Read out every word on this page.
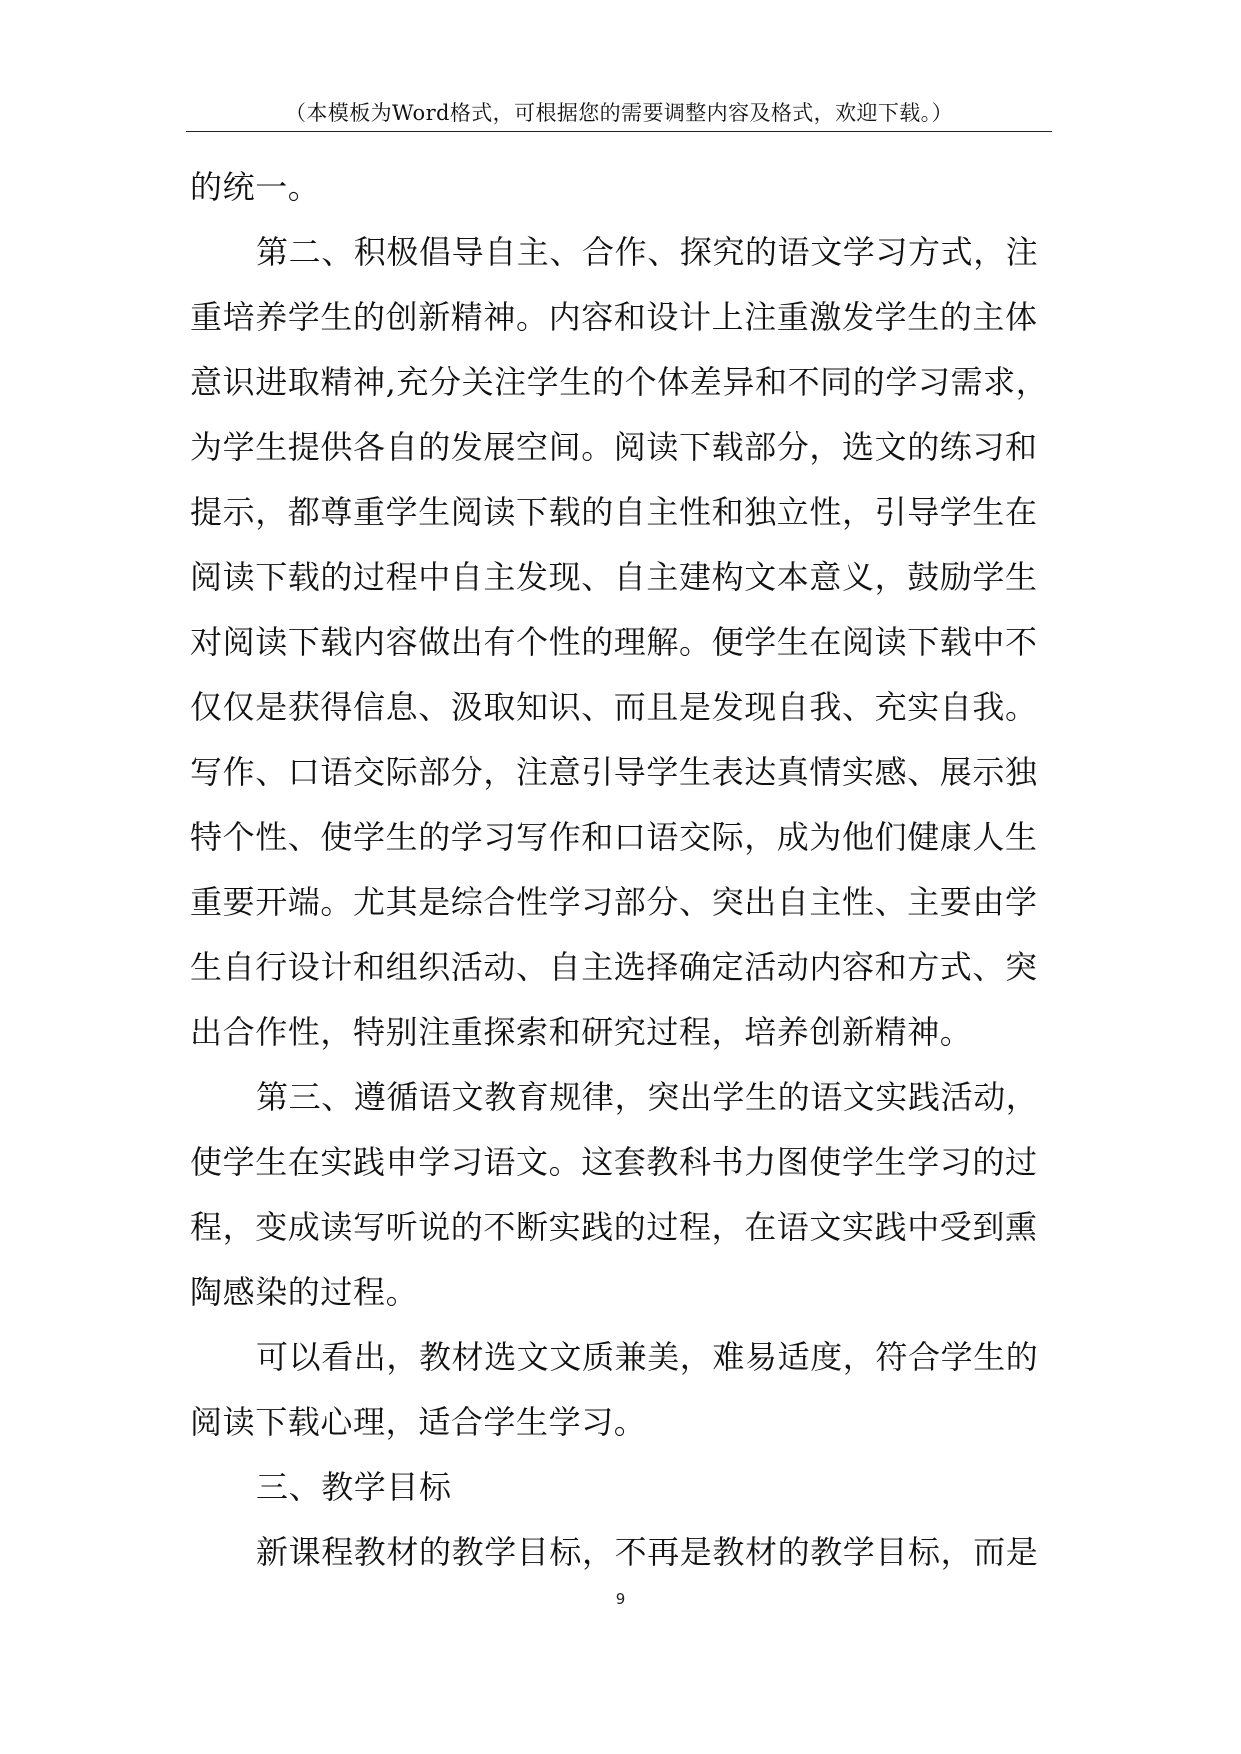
（本模板为Word格式，可根据您的需要调整内容及格式，欢迎下载。）
的统一。
第二、积极倡导自主、合作、探究的语文学习方式，注
重培养学生的创新精神。内容和设计上注重激发学生的主体
意识进取精神,充分关注学生的个体差异和不同的学习需求，
为学生提供各自的发展空间。阅读下载部分，选文的练习和
提示，都尊重学生阅读下载的自主性和独立性，引导学生在
阅读下载的过程中自主发现、自主建构文本意义，鼓励学生
对阅读下载内容做出有个性的理解。便学生在阅读下载中不
仅仅是获得信息、汲取知识、而且是发现自我、充实自我。
写作、口语交际部分，注意引导学生表达真情实感、展示独
特个性、使学生的学习写作和口语交际，成为他们健康人生
重要开端。尤其是综合性学习部分、突出自主性、主要由学
生自行设计和组织活动、自主选择确定活动内容和方式、突
出合作性，特别注重探索和研究过程，培养创新精神。
第三、遵循语文教育规律，突出学生的语文实践活动，
使学生在实践申学习语文。这套教科书力图使学生学习的过
程，变成读写听说的不断实践的过程，在语文实践中受到熏
陶感染的过程。
可以看出，教材选文文质兼美，难易适度，符合学生的
阅读下载心理，适合学生学习。
三、教学目标
新课程教材的教学目标，不再是教材的教学目标，而是
9
